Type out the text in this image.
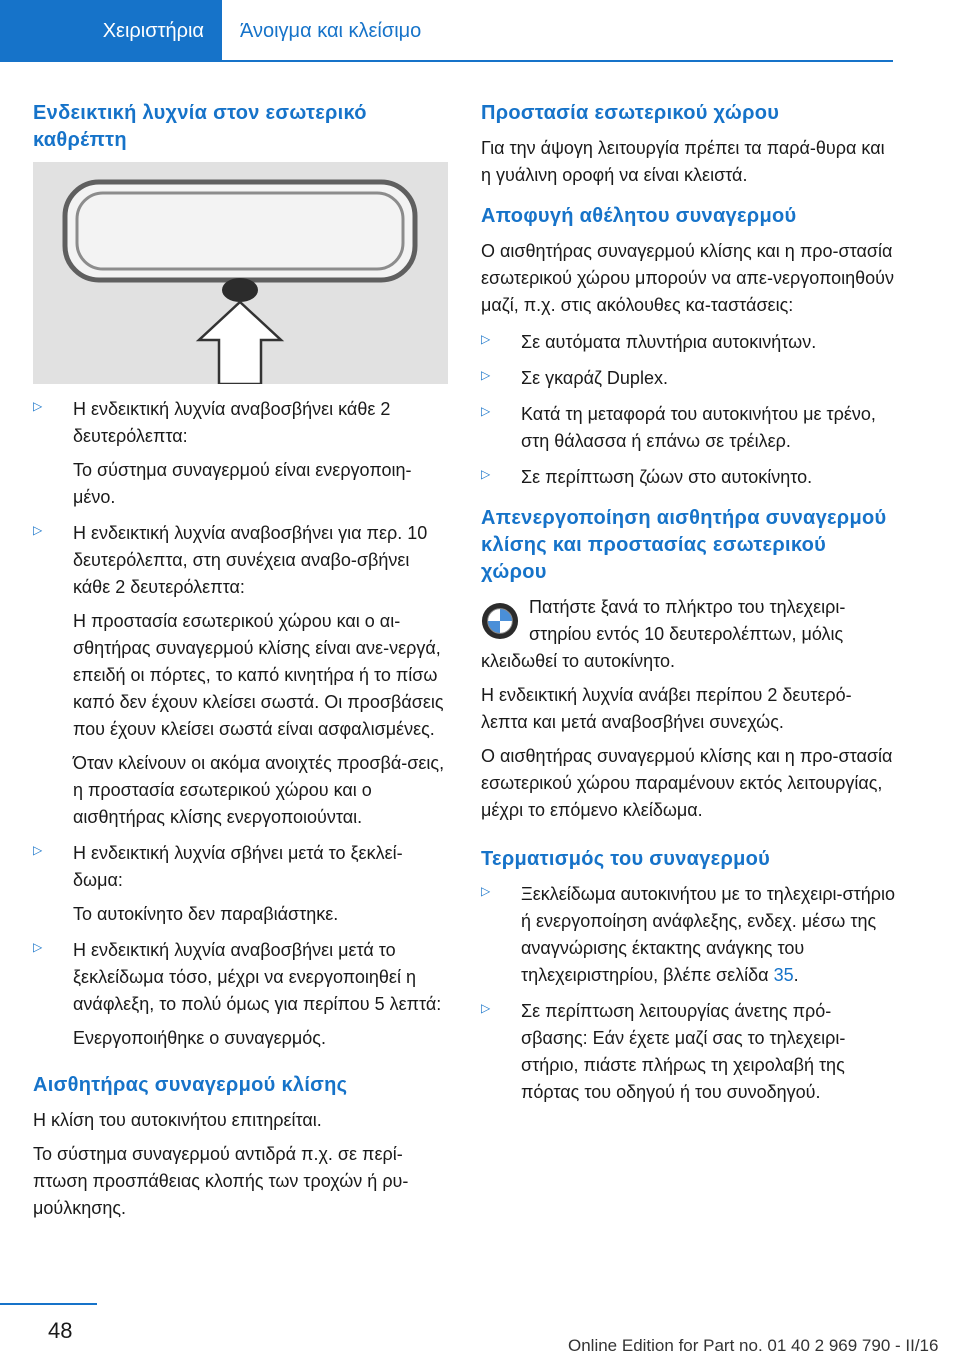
Χειριστήρια	Άνοιγμα και κλείσιμο
Ενδεικτική λυχνία στον εσωτερικό καθρέπτη
▷ Η ενδεικτική λυχνία αναβοσβήνει κάθε 2 δευτερόλεπτα:

Το σύστημα συναγερμού είναι ενεργοποιη-μένο.

▷ Η ενδεικτική λυχνία αναβοσβήνει για περ. 10 δευτερόλεπτα, στη συνέχεια αναβο-σβήνει κάθε 2 δευτερόλεπτα:

Η προστασία εσωτερικού χώρου και ο αι-σθητήρας συναγερμού κλίσης είναι ανε-νεργά, επειδή οι πόρτες, το καπό κινητήρα ή το πίσω καπό δεν έχουν κλείσει σωστά. Οι προσβάσεις που έχουν κλείσει σωστά είναι ασφαλισμένες.

Όταν κλείνουν οι ακόμα ανοιχτές προσβά-σεις, η προστασία εσωτερικού χώρου και ο αισθητήρας κλίσης ενεργοποιούνται.

▷ Η ενδεικτική λυχνία σβήνει μετά το ξεκλεί-δωμα:

Το αυτοκίνητο δεν παραβιάστηκε.

▷ Η ενδεικτική λυχνία αναβοσβήνει μετά το ξεκλείδωμα τόσο, μέχρι να ενεργοποιηθεί η ανάφλεξη, το πολύ όμως για περίπου 5 λεπτά:

Ενεργοποιήθηκε ο συναγερμός.

Αισθητήρας συναγερμού κλίσης

Η κλίση του αυτοκινήτου επιτηρείται.

Το σύστημα συναγερμού αντιδρά π.χ. σε περί-πτωση προσπάθειας κλοπής των τροχών ή ρυ-μούλκησης.

Προστασία εσωτερικού χώρου

Για την άψογη λειτουργία πρέπει τα παρά-θυρα και η γυάλινη οροφή να είναι κλειστά.

Αποφυγή αθέλητου συναγερμού

Ο αισθητήρας συναγερμού κλίσης και η προ-στασία εσωτερικού χώρου μπορούν να απε-νεργοποιηθούν μαζί, π.χ. στις ακόλουθες κα-ταστάσεις:

▷ Σε αυτόματα πλυντήρια αυτοκινήτων.

▷ Σε γκαράζ Duplex.

▷ Κατά τη μεταφορά του αυτοκινήτου με τρένο, στη θάλασσα ή επάνω σε τρέιλερ.

▷ Σε περίπτωση ζώων στο αυτοκίνητο.

Απενεργοποίηση αισθητήρα συναγερμού κλίσης και προστασίας εσωτερικού χώρου

Πατήστε ξανά το πλήκτρο του τηλεχειρι-στηρίου εντός 10 δευτερολέπτων, μόλις κλειδωθεί το αυτοκίνητο.

Η ενδεικτική λυχνία ανάβει περίπου 2 δευτερό-λεπτα και μετά αναβοσβήνει συνεχώς.

Ο αισθητήρας συναγερμού κλίσης και η προ-στασία εσωτερικού χώρου παραμένουν εκτός λειτουργίας, μέχρι το επόμενο κλείδωμα.

Τερματισμός του συναγερμού
▷ Ξεκλείδωμα αυτοκινήτου με το τηλεχειρι-στήριο ή ενεργοποίηση ανάφλεξης, ενδεχ. μέσω της αναγνώρισης έκτακτης ανάγκης του τηλεχειριστηρίου, βλέπε σελίδα 35.

▷ Σε περίπτωση λειτουργίας άνετης πρό-σβασης: Εάν έχετε μαζί σας το τηλεχειρι-στήριο, πιάστε πλήρως τη χειρολαβή της πόρτας του οδηγού ή του συνοδηγού.

48
Online Edition for Part no. 01 40 2 969 790 - II/16
